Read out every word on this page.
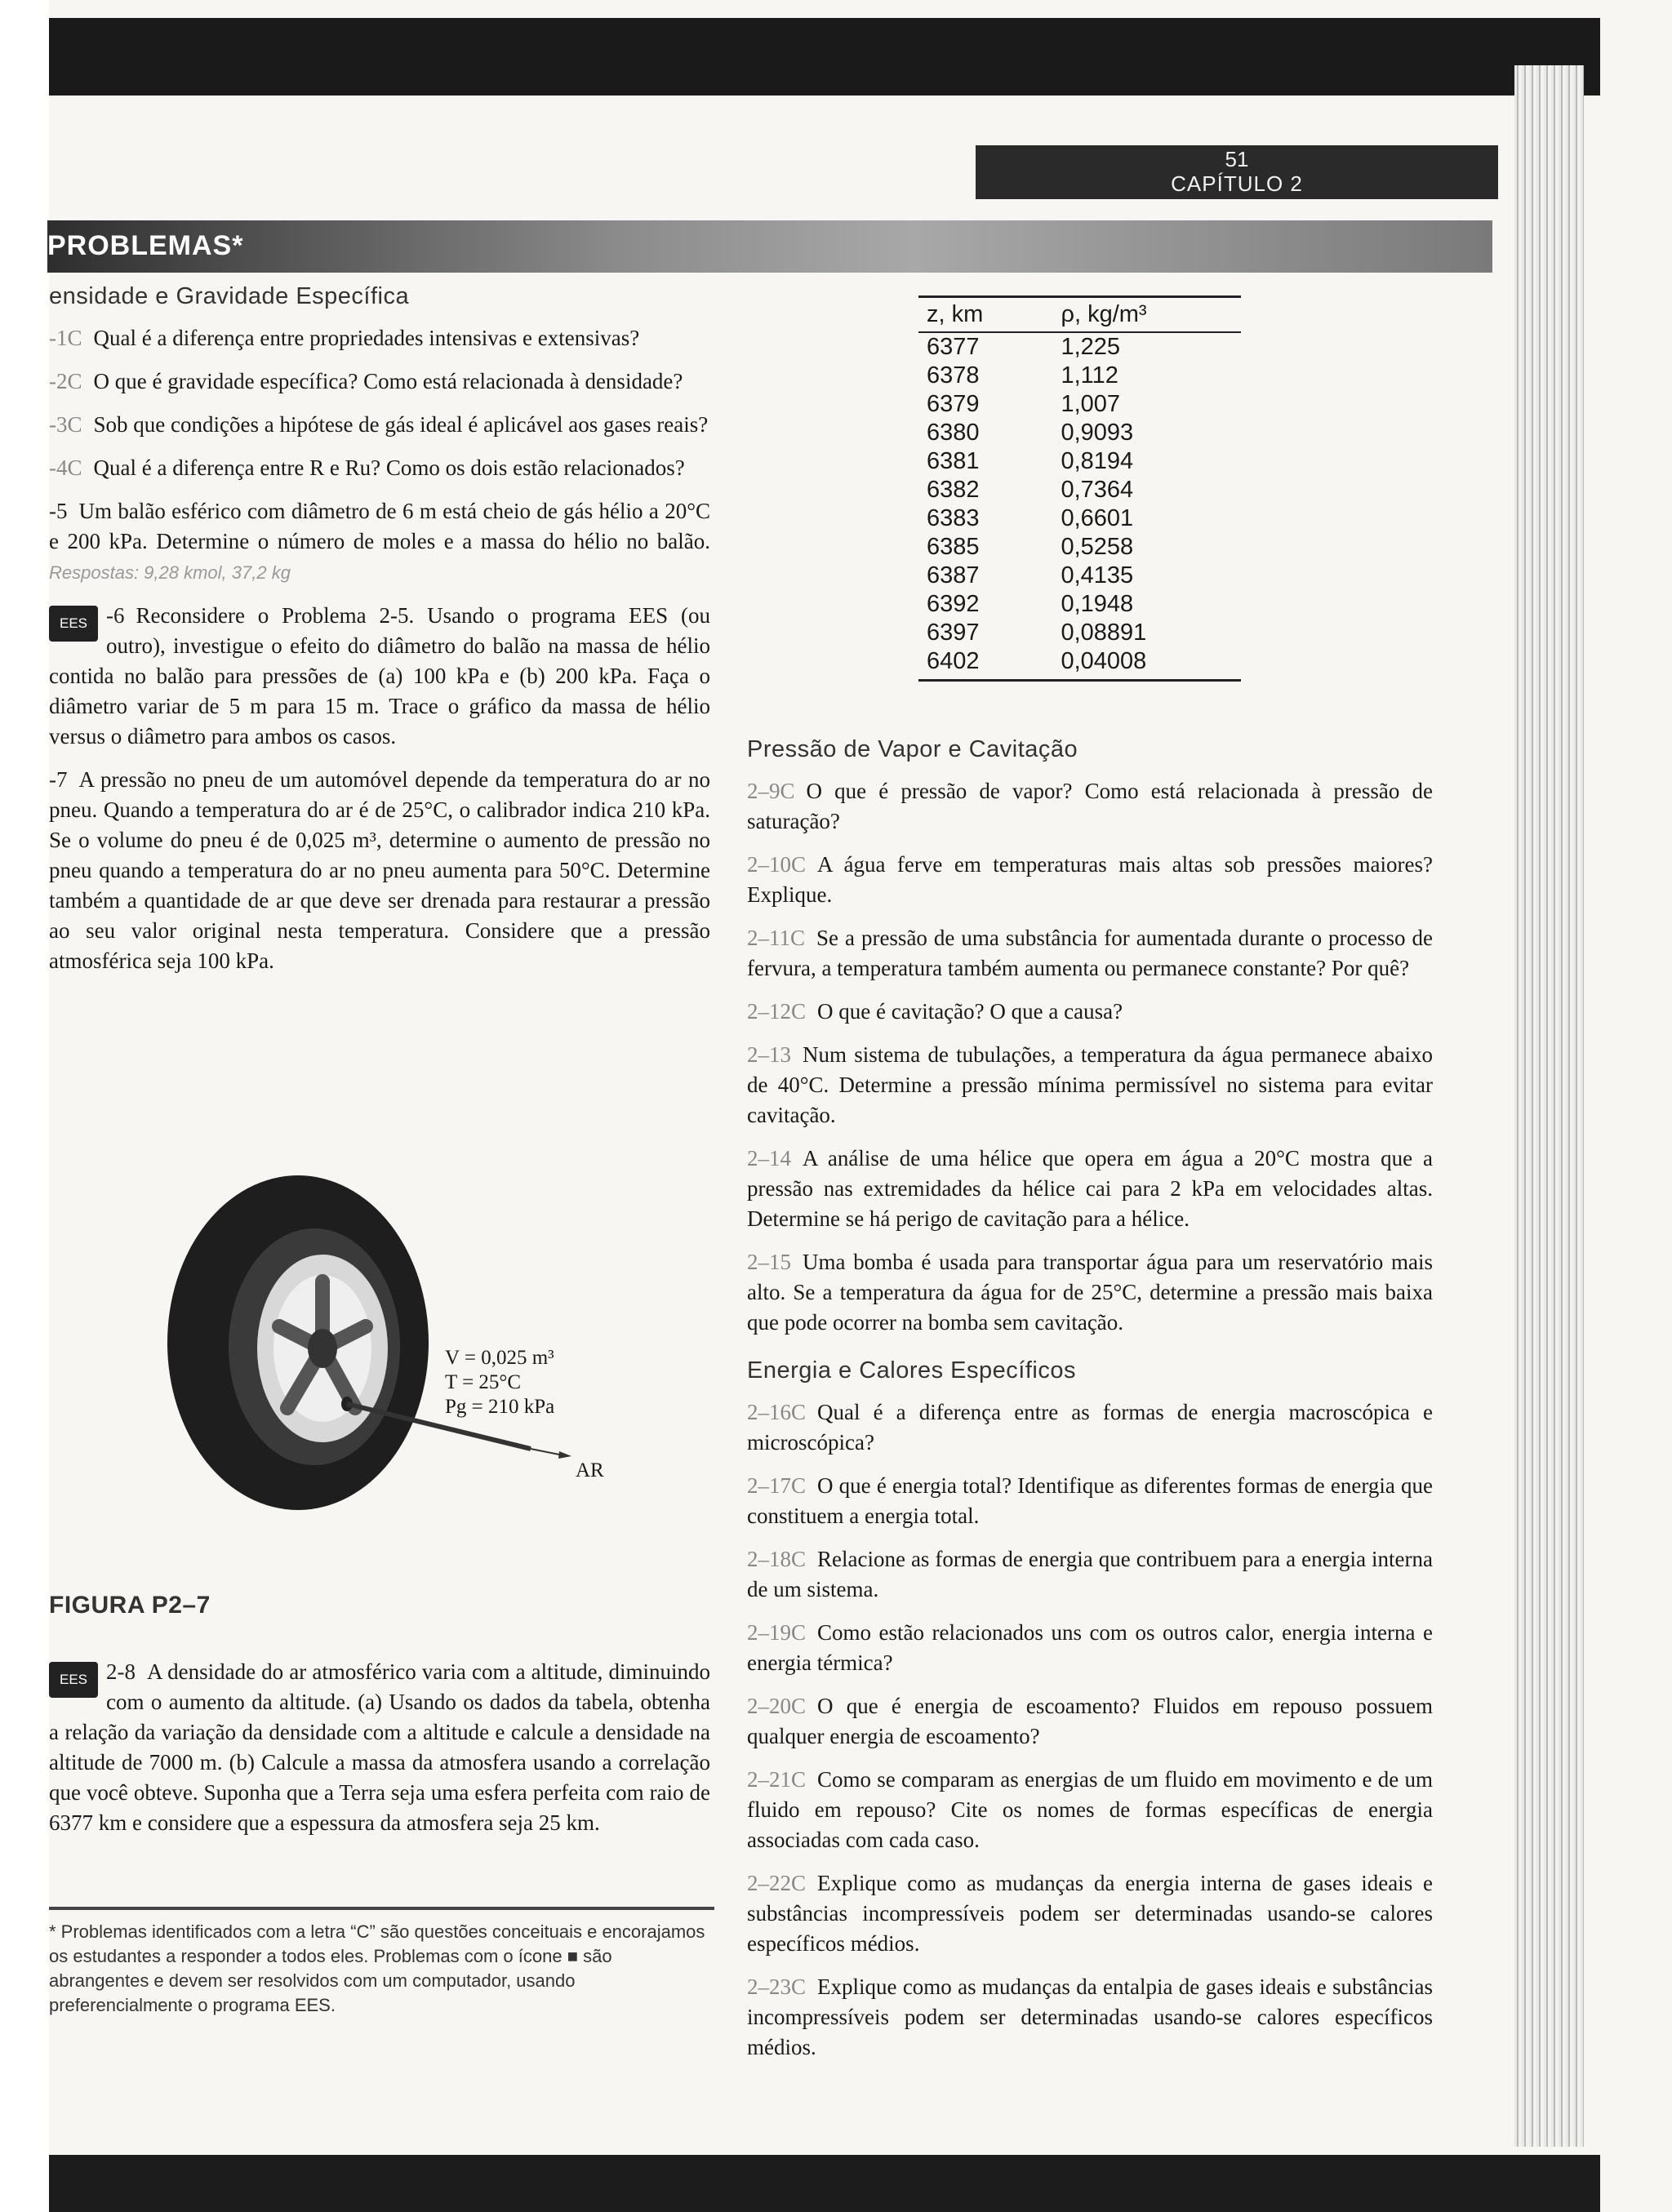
51
CAPÍTULO 2
PROBLEMAS*
ensidade e Gravidade Específica
-1C Qual é a diferença entre propriedades intensivas e extensivas?
-2C O que é gravidade específica? Como está relacionada à densidade?
-3C Sob que condições a hipótese de gás ideal é aplicável aos gases reais?
-4C Qual é a diferença entre R e Ru? Como os dois estão relacionados?
-5 Um balão esférico com diâmetro de 6 m está cheio de gás hélio a 20°C e 200 kPa. Determine o número de moles e a massa do hélio no balão. Respostas: 9,28 kmol, 37,2 kg
-6
EES	Reconsidere o Problema 2-5. Usando o programa EES (ou outro), investigue o efeito do diâmetro do balão na massa de hélio contida no balão para pressões de (a) 100 kPa e (b) 200 kPa. Faça o diâmetro variar de 5 m para 15 m. Trace o gráfico da massa de hélio versus o diâmetro para ambos os casos.
-7 A pressão no pneu de um automóvel depende da temperatura do ar no pneu. Quando a temperatura do ar é de 25°C, o calibrador indica 210 kPa. Se o volume do pneu é de 0,025 m³, determine o aumento de pressão no pneu quando a temperatura do ar no pneu aumenta para 50°C. Determine também a quantidade de ar que deve ser drenada para restaurar a pressão ao seu valor original nesta temperatura. Considere que a pressão atmosférica seja 100 kPa.
V = 0,025 m³
T = 25°C
Pg = 210 kPa
AR
FIGURA P2–7
2-8
EES	A densidade do ar atmosférico varia com a altitude, diminuindo com o aumento da altitude. (a) Usando os dados da tabela, obtenha a relação da variação da densidade com a altitude e calcule a densidade na altitude de 7000 m. (b) Calcule a massa da atmosfera usando a correlação que você obteve. Suponha que a Terra seja uma esfera perfeita com raio de 6377 km e considere que a espessura da atmosfera seja 25 km.
* Problemas identificados com a letra “C” são questões conceituais e encorajamos os estudantes a responder a todos eles. Problemas com o ícone ■ são abrangentes e devem ser resolvidos com um computador, usando preferencialmente o programa EES.
z, km	ρ, kg/m³
6377	1,225
6378	1,112
6379	1,007
6380	0,9093
6381	0,8194
6382	0,7364
6383	0,6601
6385	0,5258
6387	0,4135
6392	0,1948
6397	0,08891
6402	0,04008
Pressão de Vapor e Cavitação
2–9C O que é pressão de vapor? Como está relacionada à pressão de saturação?
2–10C A água ferve em temperaturas mais altas sob pressões maiores? Explique.
2–11C Se a pressão de uma substância for aumentada durante o processo de fervura, a temperatura também aumenta ou permanece constante? Por quê?
2–12C O que é cavitação? O que a causa?
2–13 Num sistema de tubulações, a temperatura da água permanece abaixo de 40°C. Determine a pressão mínima permissível no sistema para evitar cavitação.
2–14 A análise de uma hélice que opera em água a 20°C mostra que a pressão nas extremidades da hélice cai para 2 kPa em velocidades altas. Determine se há perigo de cavitação para a hélice.
2–15 Uma bomba é usada para transportar água para um reservatório mais alto. Se a temperatura da água for de 25°C, determine a pressão mais baixa que pode ocorrer na bomba sem cavitação.
Energia e Calores Específicos
2–16C Qual é a diferença entre as formas de energia macroscópica e microscópica?
2–17C O que é energia total? Identifique as diferentes formas de energia que constituem a energia total.
2–18C Relacione as formas de energia que contribuem para a energia interna de um sistema.
2–19C Como estão relacionados uns com os outros calor, energia interna e energia térmica?
2–20C O que é energia de escoamento? Fluidos em repouso possuem qualquer energia de escoamento?
2–21C Como se comparam as energias de um fluido em movimento e de um fluido em repouso? Cite os nomes de formas específicas de energia associadas com cada caso.
2–22C Explique como as mudanças da energia interna de gases ideais e substâncias incompressíveis podem ser determinadas usando-se calores específicos médios.
2–23C Explique como as mudanças da entalpia de gases ideais e substâncias incompressíveis podem ser determinadas usando-se calores específicos médios.
